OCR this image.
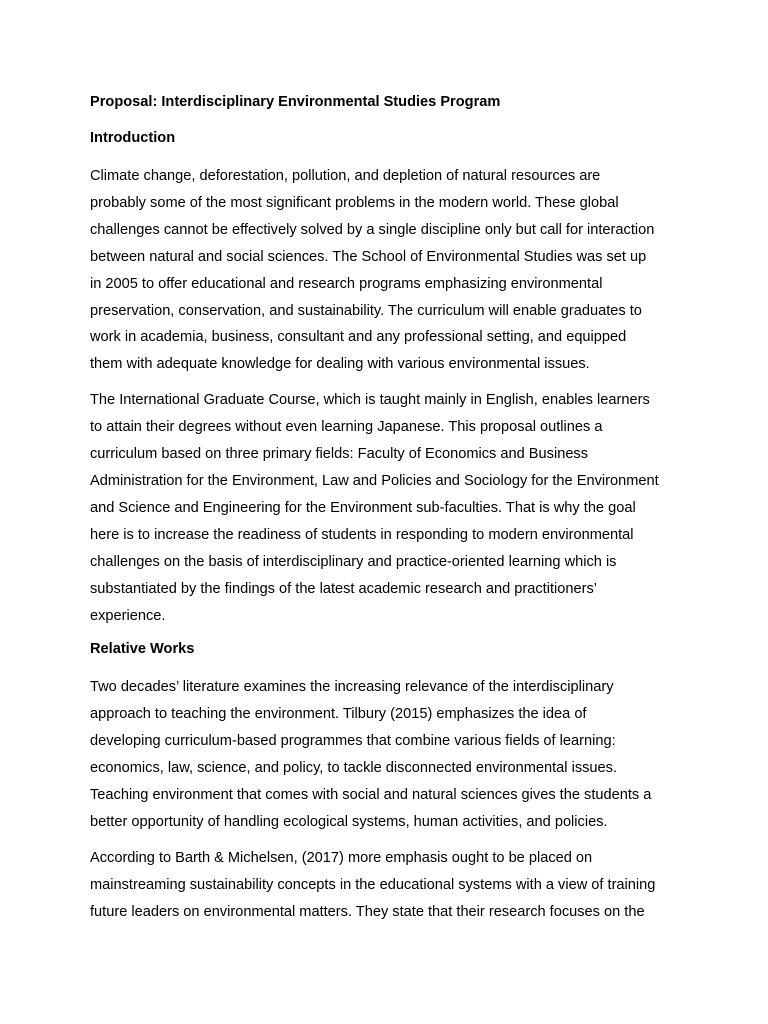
Proposal: Interdisciplinary Environmental Studies Program
Introduction
Climate change, deforestation, pollution, and depletion of natural resources are
probably some of the most significant problems in the modern world. These global
challenges cannot be effectively solved by a single discipline only but call for interaction
between natural and social sciences. The School of Environmental Studies was set up
in 2005 to offer educational and research programs emphasizing environmental
preservation, conservation, and sustainability. The curriculum will enable graduates to
work in academia, business, consultant and any professional setting, and equipped
them with adequate knowledge for dealing with various environmental issues.
The International Graduate Course, which is taught mainly in English, enables learners
to attain their degrees without even learning Japanese. This proposal outlines a
curriculum based on three primary fields: Faculty of Economics and Business
Administration for the Environment, Law and Policies and Sociology for the Environment
and Science and Engineering for the Environment sub-faculties. That is why the goal
here is to increase the readiness of students in responding to modern environmental
challenges on the basis of interdisciplinary and practice-oriented learning which is
substantiated by the findings of the latest academic research and practitioners’
experience.
Relative Works
Two decades’ literature examines the increasing relevance of the interdisciplinary
approach to teaching the environment. Tilbury (2015) emphasizes the idea of
developing curriculum-based programmes that combine various fields of learning:
economics, law, science, and policy, to tackle disconnected environmental issues.
Teaching environment that comes with social and natural sciences gives the students a
better opportunity of handling ecological systems, human activities, and policies.
According to Barth & Michelsen, (2017) more emphasis ought to be placed on
mainstreaming sustainability concepts in the educational systems with a view of training
future leaders on environmental matters. They state that their research focuses on the
